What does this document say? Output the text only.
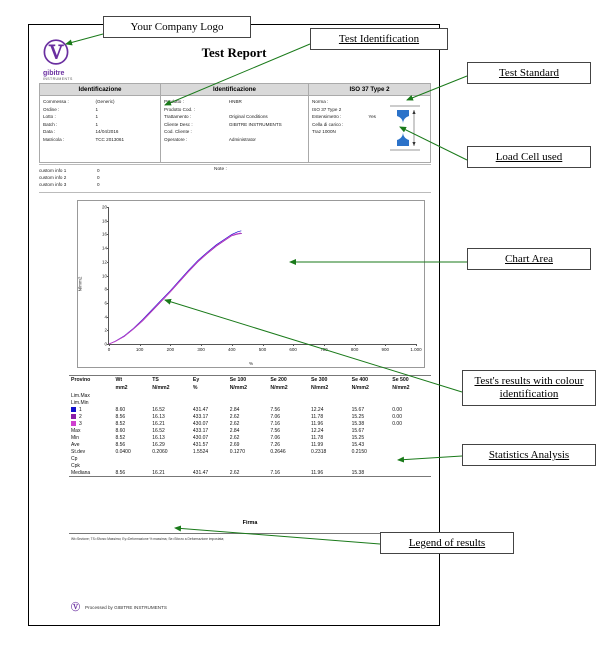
Ⓥ
gibitre
INSTRUMENTS
Test Report
Identificazione
Commessa :	(Generic)
Ordine :	1
Lotto :	1
Batch :	1
Data :	14/04/2016
Matricola :	TCC 2013061
Identificazione
Prodotto :	HNBR
Prodotto Cod. :
Trattamento :	Original Conditions
Cliente Desc :	GIBITRE INSTRUMENTS
Cod. Cliente :
Operatore :	Administrator
ISO 37 Type 2
Norma :
ISO 37 Type 2
Estensimetro :	Yes
Cella di carico :
Traz 1000N
custom info 1	0
custom info 2	0
custom info 3	0
Note :
0
2
4
6
8
10
12
14
16
18
20
0	100	200	300	400	500	600	700	800	900	1.000
N/mm2
%
Provino	Wt	TS	Ey	Se 100	Se 200	Se 300	Se 400	Se 500
	mm2	N/mm2	%	N/mm2	N/mm2	N/mm2	N/mm2	N/mm2
Lim.Max								
Lim.Min								
1	8.60	16.52	431.47	2.84	7.56	12.24	15.67	0.00
2	8.56	16.13	433.17	2.62	7.06	11.78	15.25	0.00
3	8.52	16.21	430.07	2.62	7.16	11.96	15.38	0.00
Max	8.60	16.52	433.17	2.84	7.56	12.24	15.67	
Min	8.52	16.13	430.07	2.62	7.06	11.78	15.25	
Ave	8.56	16.29	431.57	2.69	7.26	11.99	15.43	
St.dev	0.0400	0.2060	1.5524	0.1270	0.2646	0.2318	0.2150	
Cp								
Cpk								
Mediana	8.56	16.21	431.47	2.62	7.16	11.96	15.38	
Firma
Wt=Sezione; TS=Sforzo Massimo; Ey=Deformazione % massima; Se=Sforzo a Deformazione impostata;
Ⓥ Processed by GIBITRE INSTRUMENTS
Your Company Logo
Test Identification
Test Standard
Load Cell used
Chart Area
Test's results with colour identification
Statistics Analysis
Legend of results
